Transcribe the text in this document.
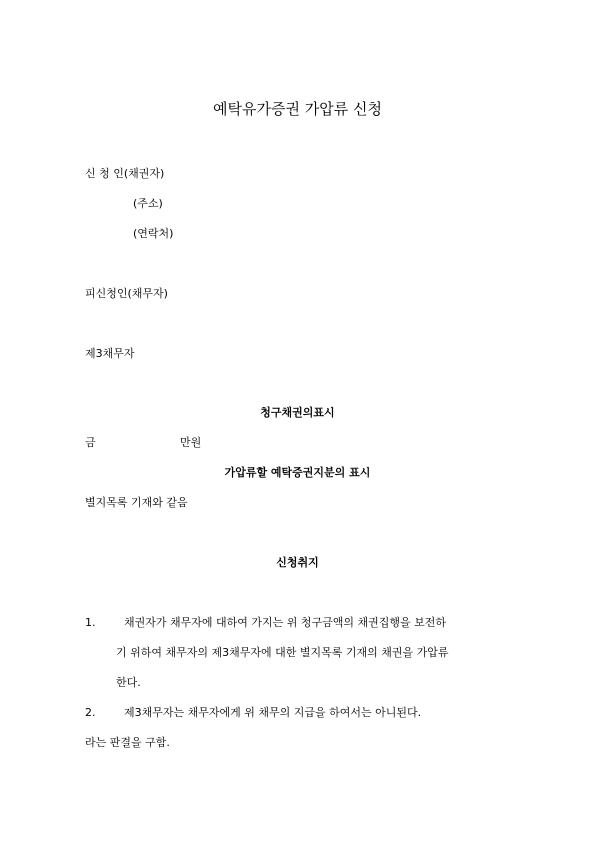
예탁유가증권 가압류 신청
신 청 인(채권자)
(주소)
(연락처)
피신청인(채무자)
제3채무자
청구채권의표시
금	만원
가압류할 예탁증권지분의 표시
별지목록 기재와 같음
신청취지
1.	채권자가 채무자에 대하여 가지는 위 청구금액의 채권집행을 보전하
기 위하여 채무자의 제3채무자에 대한 별지목록 기재의 채권을 가압류
한다.
2.	제3채무자는 채무자에게 위 채무의 지급을 하여서는 아니된다.
라는 판결을 구함.
